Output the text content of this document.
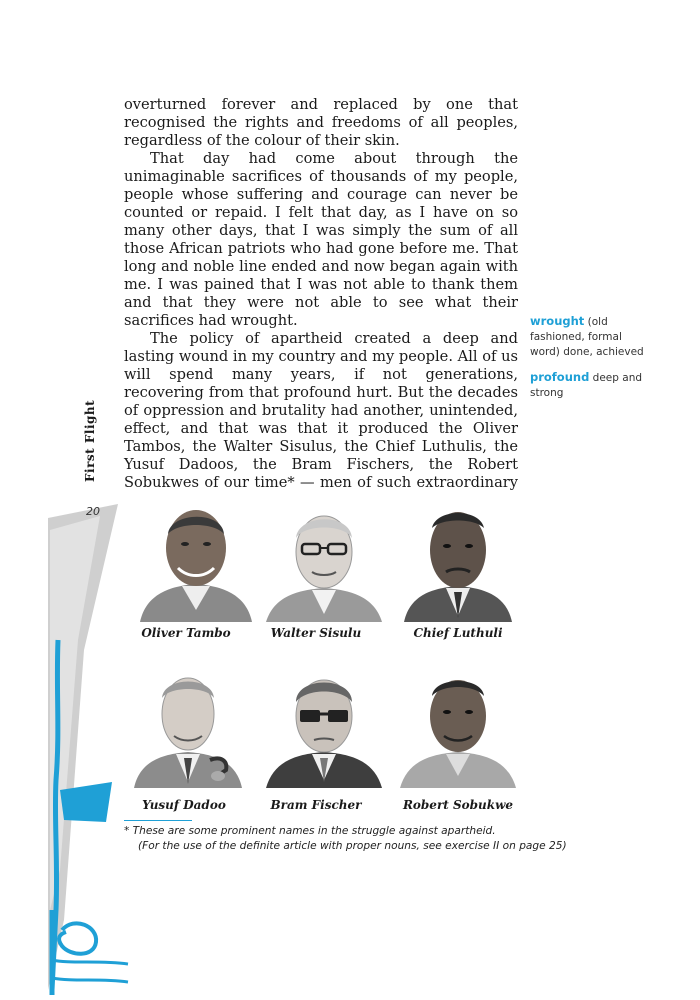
overturned forever and replaced by one that recognised the rights and freedoms of all peoples, regardless of the colour of their skin.

That day had come about through the unimaginable sacrifices of thousands of my people, people whose suffering and courage can never be counted or repaid. I felt that day, as I have on so many other days, that I was simply the sum of all those African patriots who had gone before me. That long and noble line ended and now began again with me. I was pained that I was not able to thank them and that they were not able to see what their sacrifices had wrought.

The policy of apartheid created a deep and lasting wound in my country and my people. All of us will spend many years, if not generations, recovering from that profound hurt. But the decades of oppression and brutality had another, unintended, effect, and that was that it produced the Oliver Tambos, the Walter Sisulus, the Chief Luthulis, the Yusuf Dadoos, the Bram Fischers, the Robert Sobukwes of our time* — men of such extraordinary

wrought (old fashioned, formal word) done, achieved
profound deep and strong
First Flight
20
Oliver Tambo	Walter Sisulu	Chief Luthuli
Yusuf Dadoo	Bram Fischer	Robert Sobukwe
* These are some prominent names in the struggle against apartheid.
(For the use of the definite article with proper nouns, see exercise II on page 25)
